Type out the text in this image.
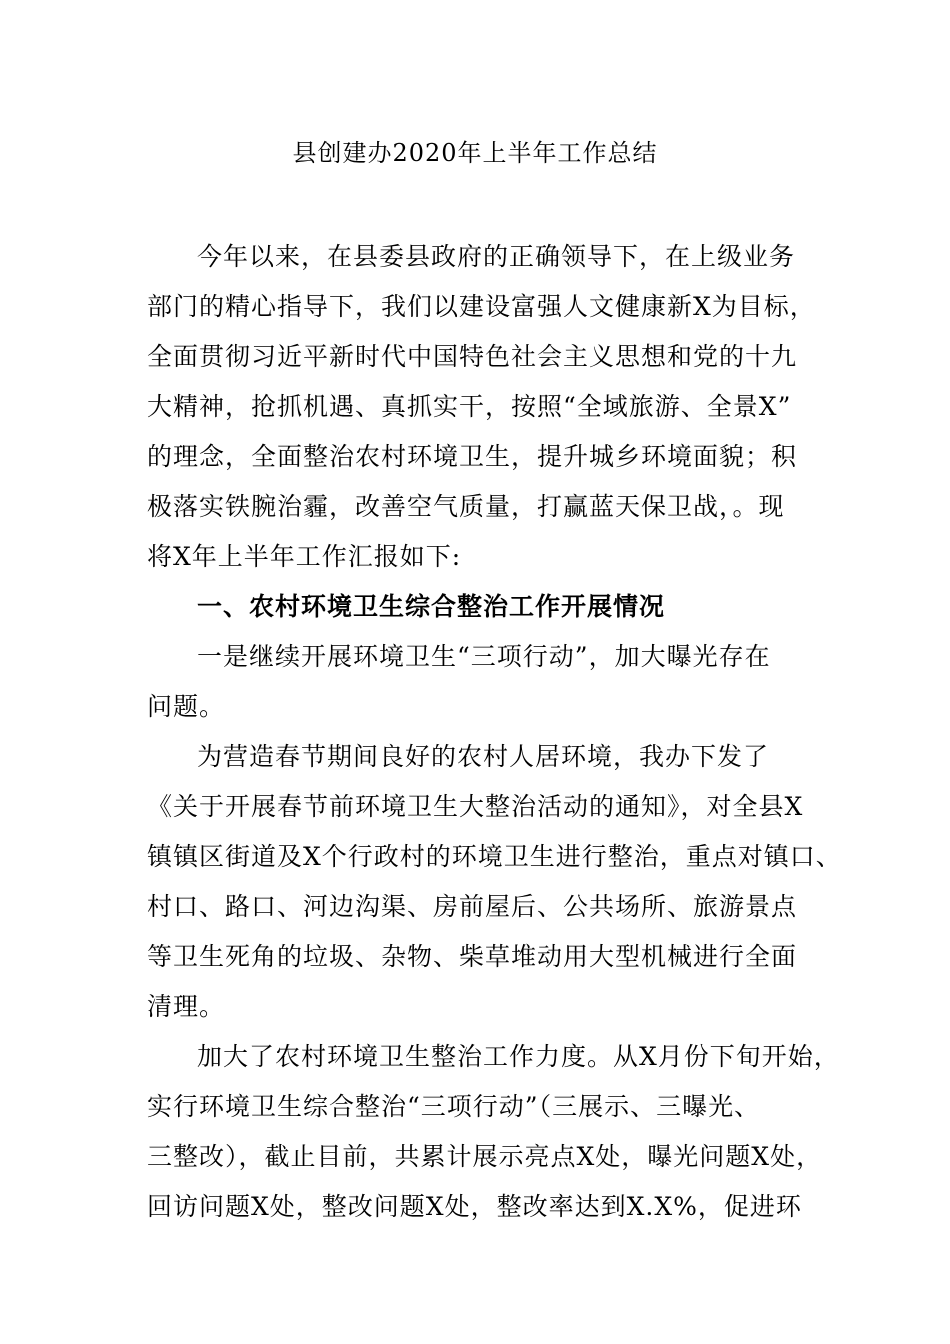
县创建办2020年上半年工作总结
今年以来，在县委县政府的正确领导下，在上级业务
部门的精心指导下，我们以建设富强人文健康新X为目标，
全面贯彻习近平新时代中国特色社会主义思想和党的十九
大精神，抢抓机遇、真抓实干，按照“全域旅游、全景X”
的理念，全面整治农村环境卫生，提升城乡环境面貌；积
极落实铁腕治霾，改善空气质量，打赢蓝天保卫战，。现
将X年上半年工作汇报如下:
一、农村环境卫生综合整治工作开展情况
一是继续开展环境卫生“三项行动”，加大曝光存在
问题。
为营造春节期间良好的农村人居环境，我办下发了
《关于开展春节前环境卫生大整治活动的通知》，对全县X
镇镇区街道及X个行政村的环境卫生进行整治，重点对镇口、
村口、路口、河边沟渠、房前屋后、公共场所、旅游景点
等卫生死角的垃圾、杂物、柴草堆动用大型机械进行全面
清理。
加大了农村环境卫生整治工作力度。从X月份下旬开始，
实行环境卫生综合整治“三项行动”（三展示、三曝光、
三整改），截止目前，共累计展示亮点X处，曝光问题X处，
回访问题X处，整改问题X处，整改率达到X.X%，促进环
